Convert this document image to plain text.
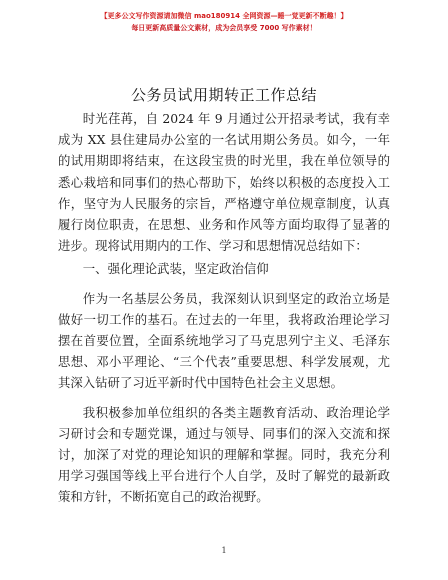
【更多公文写作资源请加微信 mao180914 全网资源—睡一觉更新不断趣！】
每日更新高质量公文素材，成为会员享受 7000 写作素材！
公务员试用期转正工作总结

时光荏苒，自 2024 年 9 月通过公开招录考试，我有幸成为 XX 县住建局办公室的一名试用期公务员。如今，一年的试用期即将结束，在这段宝贵的时光里，我在单位领导的悉心栽培和同事们的热心帮助下，始终以积极的态度投入工作，坚守为人民服务的宗旨，严格遵守单位规章制度，认真履行岗位职责，在思想、业务和作风等方面均取得了显著的进步。现将试用期内的工作、学习和思想情况总结如下：

一、强化理论武装，坚定政治信仰

作为一名基层公务员，我深刻认识到坚定的政治立场是做好一切工作的基石。在过去的一年里，我将政治理论学习摆在首要位置，全面系统地学习了马克思列宁主义、毛泽东思想、邓小平理论、“三个代表”重要思想、科学发展观，尤其深入钻研了习近平新时代中国特色社会主义思想。

我积极参加单位组织的各类主题教育活动、政治理论学习研讨会和专题党课，通过与领导、同事们的深入交流和探讨，加深了对党的理论知识的理解和掌握。同时，我充分利用学习强国等线上平台进行个人自学，及时了解党的最新政策和方针，不断拓宽自己的政治视野。

1
